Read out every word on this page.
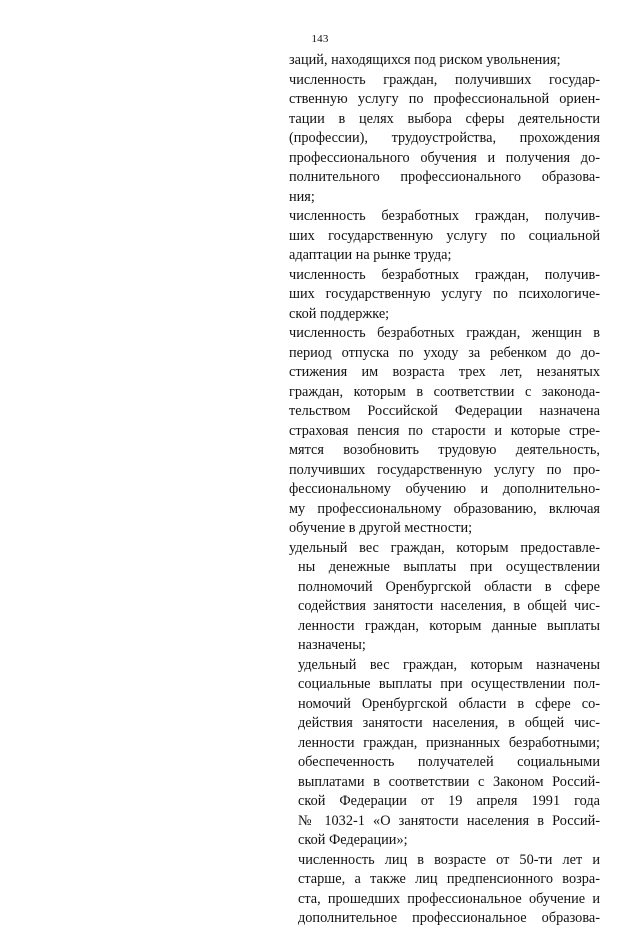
143
заций, находящихся под риском увольнения;
численность граждан, получивших государ-
ственную услугу по профессиональной ориен-
тации в целях выбора сферы деятельности
(профессии), трудоустройства, прохождения
профессионального обучения и получения до-
полнительного профессионального образова-
ния;
численность безработных граждан, получив-
ших государственную услугу по социальной
адаптации на рынке труда;
численность безработных граждан, получив-
ших государственную услугу по психологиче-
ской поддержке;
численность безработных граждан, женщин в
период отпуска по уходу за ребенком до до-
стижения им возраста трех лет, незанятых
граждан, которым в соответствии с законода-
тельством Российской Федерации назначена
страховая пенсия по старости и которые стре-
мятся возобновить трудовую деятельность,
получивших государственную услугу по про-
фессиональному обучению и дополнительно-
му профессиональному образованию, включая
обучение в другой местности;
удельный вес граждан, которым предоставле-
ны денежные выплаты при осуществлении
полномочий Оренбургской области в сфере
содействия занятости населения, в общей чис-
ленности граждан, которым данные выплаты
назначены;
удельный вес граждан, которым назначены
социальные выплаты при осуществлении пол-
номочий Оренбургской области в сфере со-
действия занятости населения, в общей чис-
ленности граждан, признанных безработными;
обеспеченность получателей социальными
выплатами в соответствии с Законом Россий-
ской Федерации от 19 апреля 1991 года
№ 1032-1 «О занятости населения в Россий-
ской Федерации»;
численность лиц в возрасте от 50-ти лет и
старше, а также лиц предпенсионного возра-
ста, прошедших профессиональное обучение и
дополнительное профессиональное образова-
